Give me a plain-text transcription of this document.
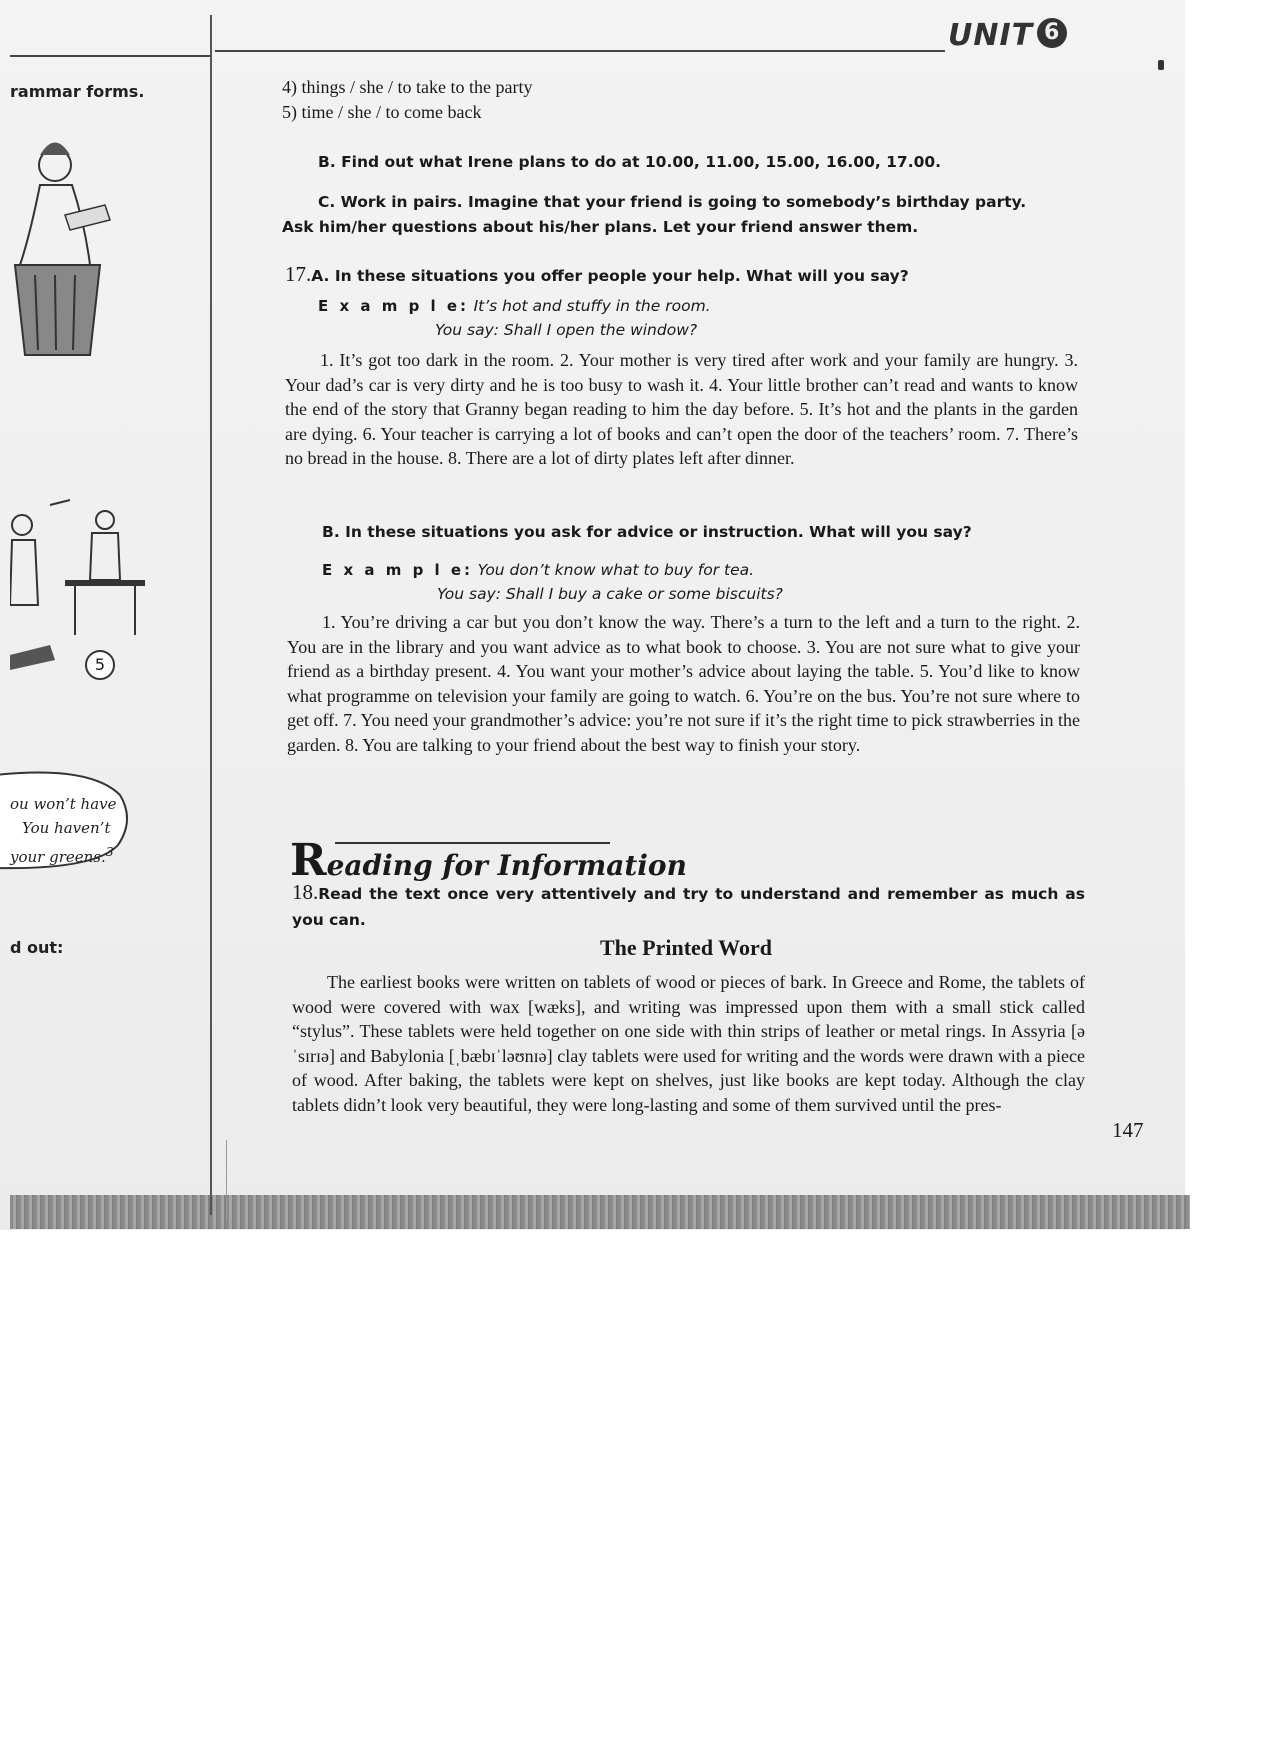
UNIT 6
rammar forms.
5
ou won’t have
You haven’t
your greens.$^3$
d out:
4) things / she / to take to the party
5) time / she / to come back
B. Find out what Irene plans to do at 10.00, 11.00, 15.00, 16.00, 17.00.
C. Work in pairs. Imagine that your friend is going to somebody’s birthday party.
Ask him/her questions about his/her plans. Let your friend answer them.
17.A. In these situations you offer people your help. What will you say?
E x a m p l e: It’s hot and stuffy in the room.
You say: Shall I open the window?
1. It’s got too dark in the room. 2. Your mother is very tired after work and your family are hungry. 3. Your dad’s car is very dirty and he is too busy to wash it. 4. Your little brother can’t read and wants to know the end of the story that Granny began reading to him the day before. 5. It’s hot and the plants in the garden are dying. 6. Your teacher is carrying a lot of books and can’t open the door of the teachers’ room. 7. There’s no bread in the house. 8. There are a lot of dirty plates left after dinner.
B. In these situations you ask for advice or instruction. What will you say?
E x a m p l e: You don’t know what to buy for tea.
You say: Shall I buy a cake or some biscuits?
1. You’re driving a car but you don’t know the way. There’s a turn to the left and a turn to the right. 2. You are in the library and you want advice as to what book to choose. 3. You are not sure what to give your friend as a birthday present. 4. You want your mother’s advice about laying the table. 5. You’d like to know what programme on television your family are going to watch. 6. You’re on the bus. You’re not sure where to get off. 7. You need your grandmother’s advice: you’re not sure if it’s the right time to pick strawberries in the garden. 8. You are talking to your friend about the best way to finish your story.
Reading for Information
18.Read the text once very attentively and try to understand and remember as much as you can.
The Printed Word
The earliest books were written on tablets of wood or pieces of bark. In Greece and Rome, the tablets of wood were covered with wax [wæks], and writing was impressed upon them with a small stick called “stylus”. These tablets were held together on one side with thin strips of leather or metal rings. In Assyria [əˈsɪrɪə] and Babylonia [ˌbæbɪˈləʊnɪə] clay tablets were used for writing and the words were drawn with a piece of wood. After baking, the tablets were kept on shelves, just like books are kept today. Although the clay tablets didn’t look very beautiful, they were long-lasting and some of them survived until the pres-
147
